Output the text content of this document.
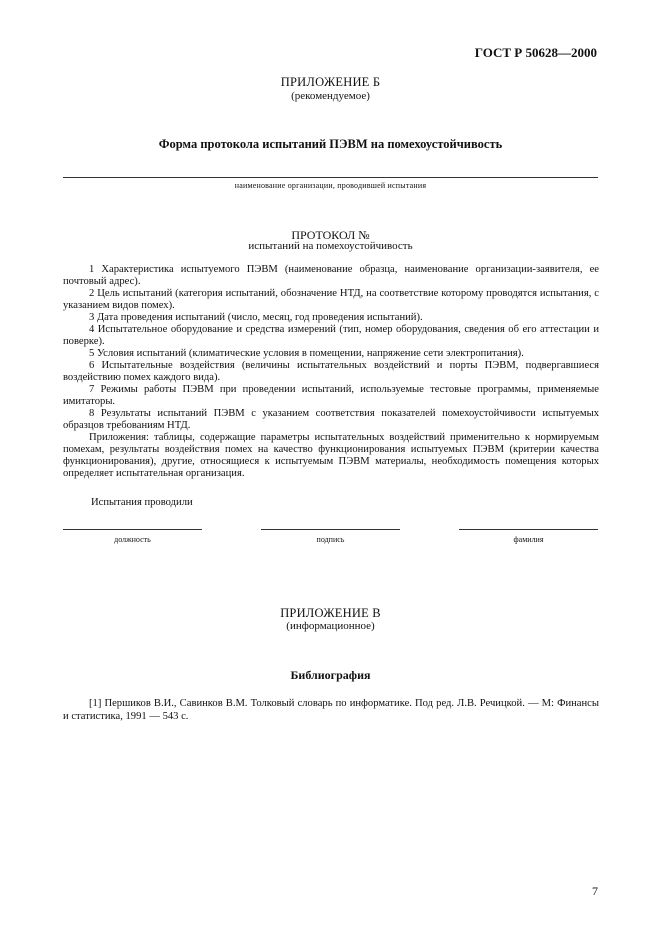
ГОСТ Р 50628—2000
ПРИЛОЖЕНИЕ Б
(рекомендуемое)
Форма протокола испытаний ПЭВМ на помехоустойчивость
наименование организации, проводившей испытания
ПРОТОКОЛ №
испытаний на помехоустойчивость

1 Характеристика испытуемого ПЭВМ (наименование образца, наименование организации-заявителя, ее почтовый адрес).

2 Цель испытаний (категория испытаний, обозначение НТД, на соответствие которому проводятся испытания, с указанием видов помех).

3 Дата проведения испытаний (число, месяц, год проведения испытаний).

4 Испытательное оборудование и средства измерений (тип, номер оборудования, сведения об его аттестации и поверке).

5 Условия испытаний (климатические условия в помещении, напряжение сети электропитания).

6 Испытательные воздействия (величины испытательных воздействий и порты ПЭВМ, подвергавшиеся воздействию помех каждого вида).

7 Режимы работы ПЭВМ при проведении испытаний, используемые тестовые программы, применяемые имитаторы.

8 Результаты испытаний ПЭВМ с указанием соответствия показателей помехоустойчивости испытуемых образцов требованиям НТД.

Приложения: таблицы, содержащие параметры испытательных воздействий применительно к нормируемым помехам, результаты воздействия помех на качество функционирования испытуемых ПЭВМ (критерии качества функционирования), другие, относящиеся к испытуемым ПЭВМ материалы, необходимость помещения которых определяет испытательная организация.

Испытания проводили
должность	подпись	фамилия
ПРИЛОЖЕНИЕ В
(информационное)
Библиография

[1] Першиков В.И., Савинков В.М. Толковый словарь по информатике. Под ред. Л.В. Речицкой. — М: Финансы и статистика, 1991 — 543 с.

7
